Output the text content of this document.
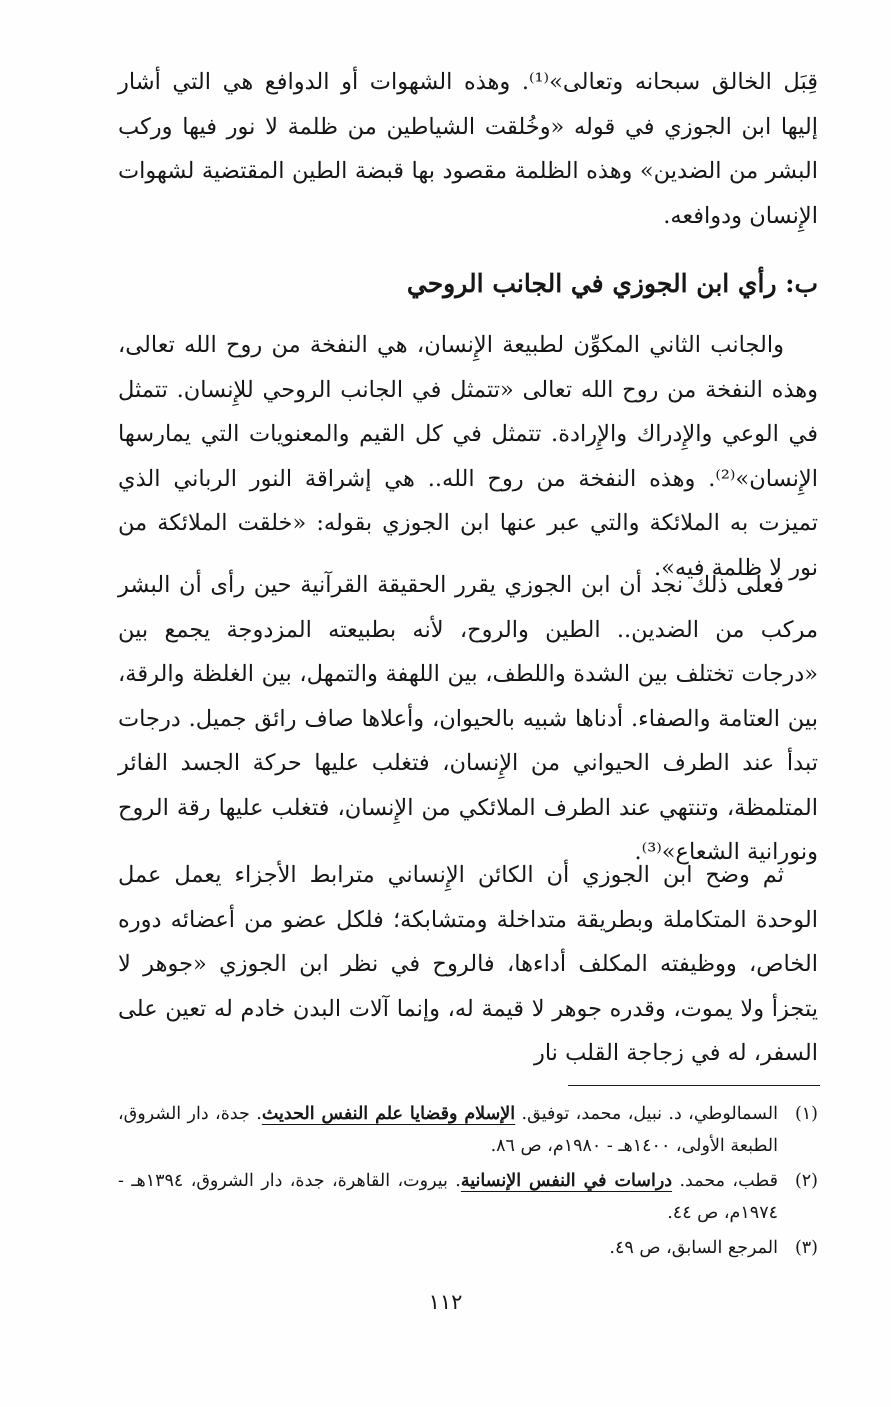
قِبَل الخالق سبحانه وتعالى»⁽¹⁾. وهذه الشهوات أو الدوافع هي التي أشار إليها ابن الجوزي في قوله «وخُلقت الشياطين من ظلمة لا نور فيها وركب البشر من الضدين» وهذه الظلمة مقصود بها قبضة الطين المقتضية لشهوات الإِنسان ودوافعه.

ب: رأي ابن الجوزي في الجانب الروحي

والجانب الثاني المكوِّن لطبيعة الإِنسان، هي النفخة من روح الله تعالى، وهذه النفخة من روح الله تعالى «تتمثل في الجانب الروحي للإِنسان. تتمثل في الوعي والإِدراك والإِرادة. تتمثل في كل القيم والمعنويات التي يمارسها الإِنسان»⁽²⁾. وهذه النفخة من روح الله.. هي إشراقة النور الرباني الذي تميزت به الملائكة والتي عبر عنها ابن الجوزي بقوله: «خلقت الملائكة من نور لا ظلمة فيه».

فعلى ذلك نجد أن ابن الجوزي يقرر الحقيقة القرآنية حين رأى أن البشر مركب من الضدين.. الطين والروح، لأنه بطبيعته المزدوجة يجمع بين «درجات تختلف بين الشدة واللطف، بين اللهفة والتمهل، بين الغلظة والرقة، بين العتامة والصفاء. أدناها شبيه بالحيوان، وأعلاها صاف رائق جميل. درجات تبدأ عند الطرف الحيواني من الإِنسان، فتغلب عليها حركة الجسد الفائر المتلمظة، وتنتهي عند الطرف الملائكي من الإِنسان، فتغلب عليها رقة الروح ونورانية الشعاع»⁽³⁾.

ثم وضح ابن الجوزي أن الكائن الإِنساني مترابط الأجزاء يعمل عمل الوحدة المتكاملة وبطريقة متداخلة ومتشابكة؛ فلكل عضو من أعضائه دوره الخاص، ووظيفته المكلف أداءها، فالروح في نظر ابن الجوزي «جوهر لا يتجزأ ولا يموت، وقدره جوهر لا قيمة له، وإنما آلات البدن خادم له تعين على السفر، له في زجاجة القلب نار

(١)
السمالوطي، د. نبيل، محمد، توفيق. الإسلام وقضايا علم النفس الحديث. جدة، دار الشروق، الطبعة الأولى، ١٤٠٠هـ - ١٩٨٠م، ص ٨٦.
(٢)
قطب، محمد. دراسات في النفس الإنسانية. بيروت، القاهرة، جدة، دار الشروق، ١٣٩٤هـ - ١٩٧٤م، ص ٤٤.
(٣)
المرجع السابق، ص ٤٩.
١١٢
